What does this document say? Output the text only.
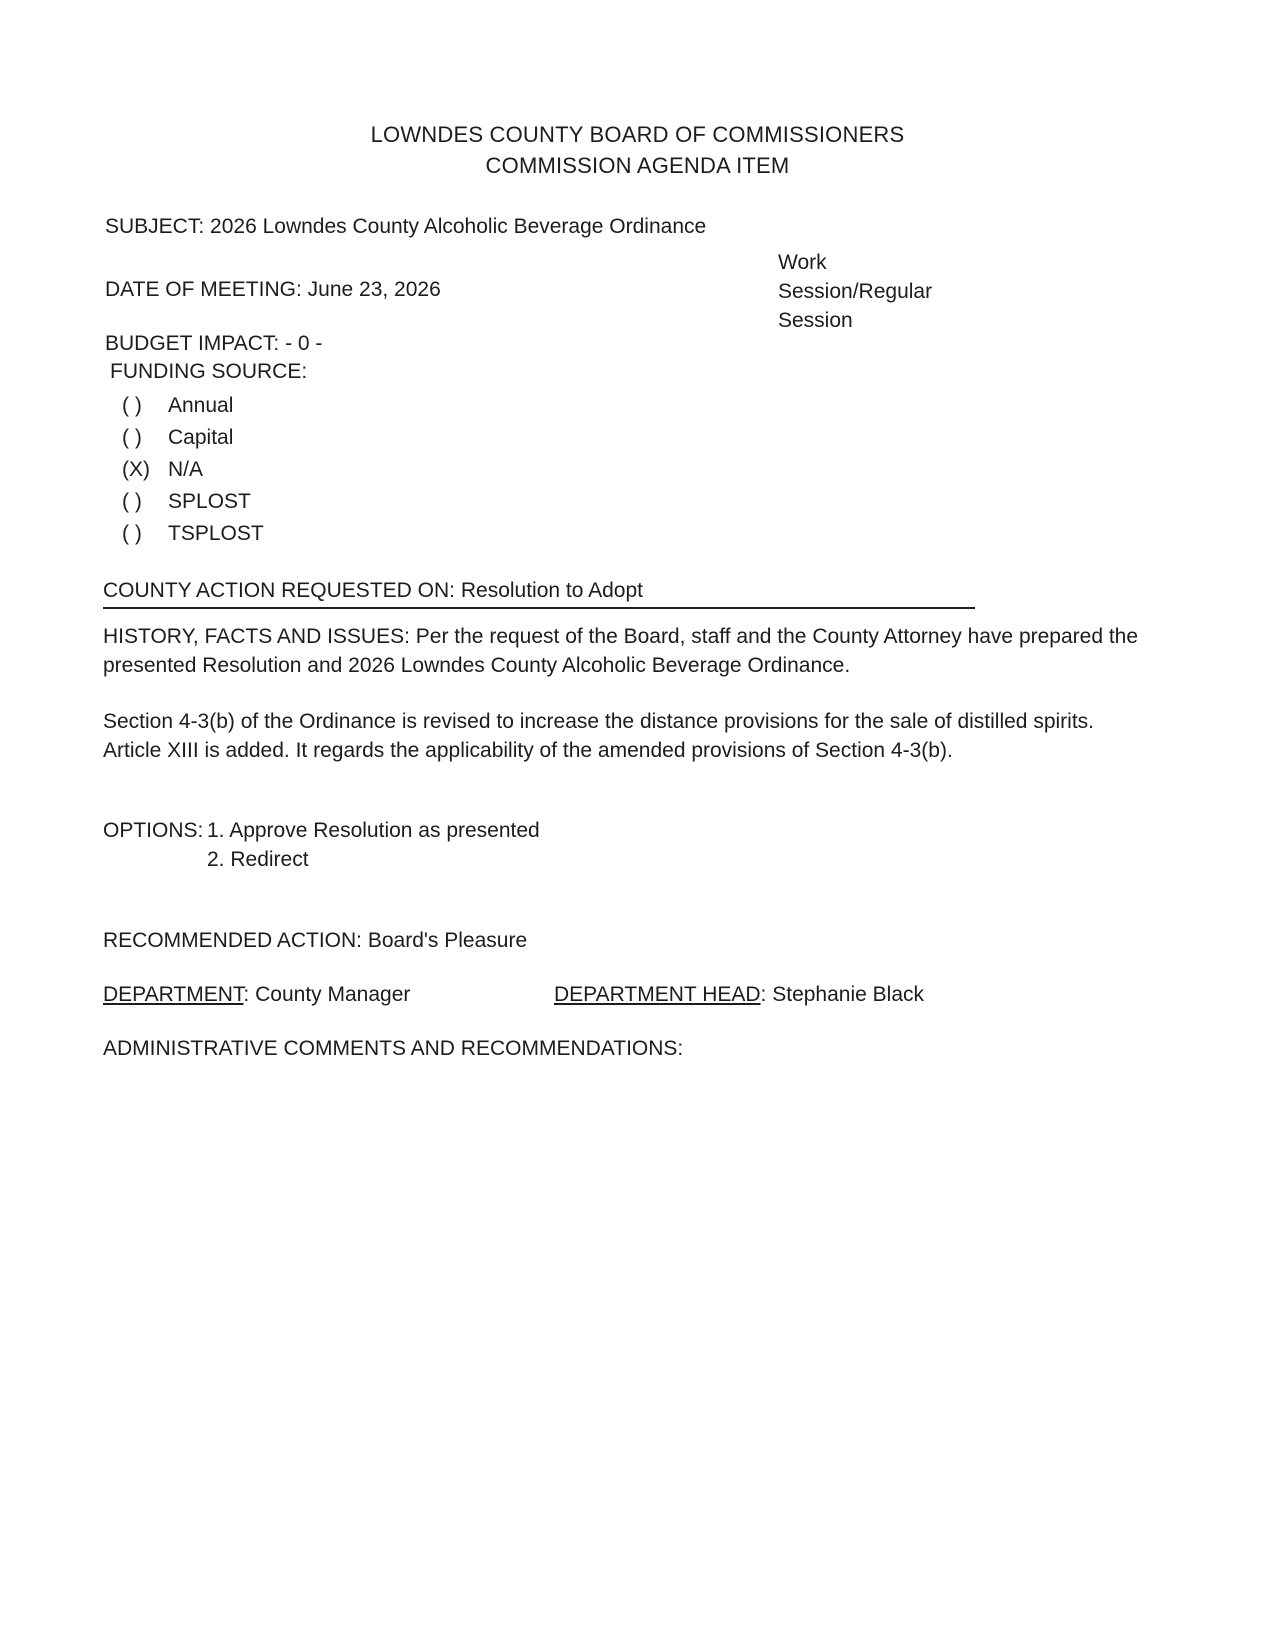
LOWNDES COUNTY BOARD OF COMMISSIONERS
COMMISSION AGENDA ITEM
SUBJECT: 2026 Lowndes County Alcoholic Beverage Ordinance
Work
Session/Regular
Session
DATE OF MEETING: June 23, 2026
BUDGET IMPACT: - 0 -
FUNDING SOURCE:
( ) Annual
( ) Capital
(X) N/A
( ) SPLOST
( ) TSPLOST
COUNTY ACTION REQUESTED ON: Resolution to Adopt
HISTORY, FACTS AND ISSUES: Per the request of the Board, staff and the County Attorney have prepared the presented Resolution and 2026 Lowndes County Alcoholic Beverage Ordinance.
Section 4-3(b) of the Ordinance is revised to increase the distance provisions for the sale of distilled spirits.
Article XIII is added. It regards the applicability of the amended provisions of Section 4-3(b).
OPTIONS: 1. Approve Resolution as presented
2. Redirect
RECOMMENDED ACTION: Board's Pleasure
DEPARTMENT: County Manager	DEPARTMENT HEAD: Stephanie Black
ADMINISTRATIVE COMMENTS AND RECOMMENDATIONS:
